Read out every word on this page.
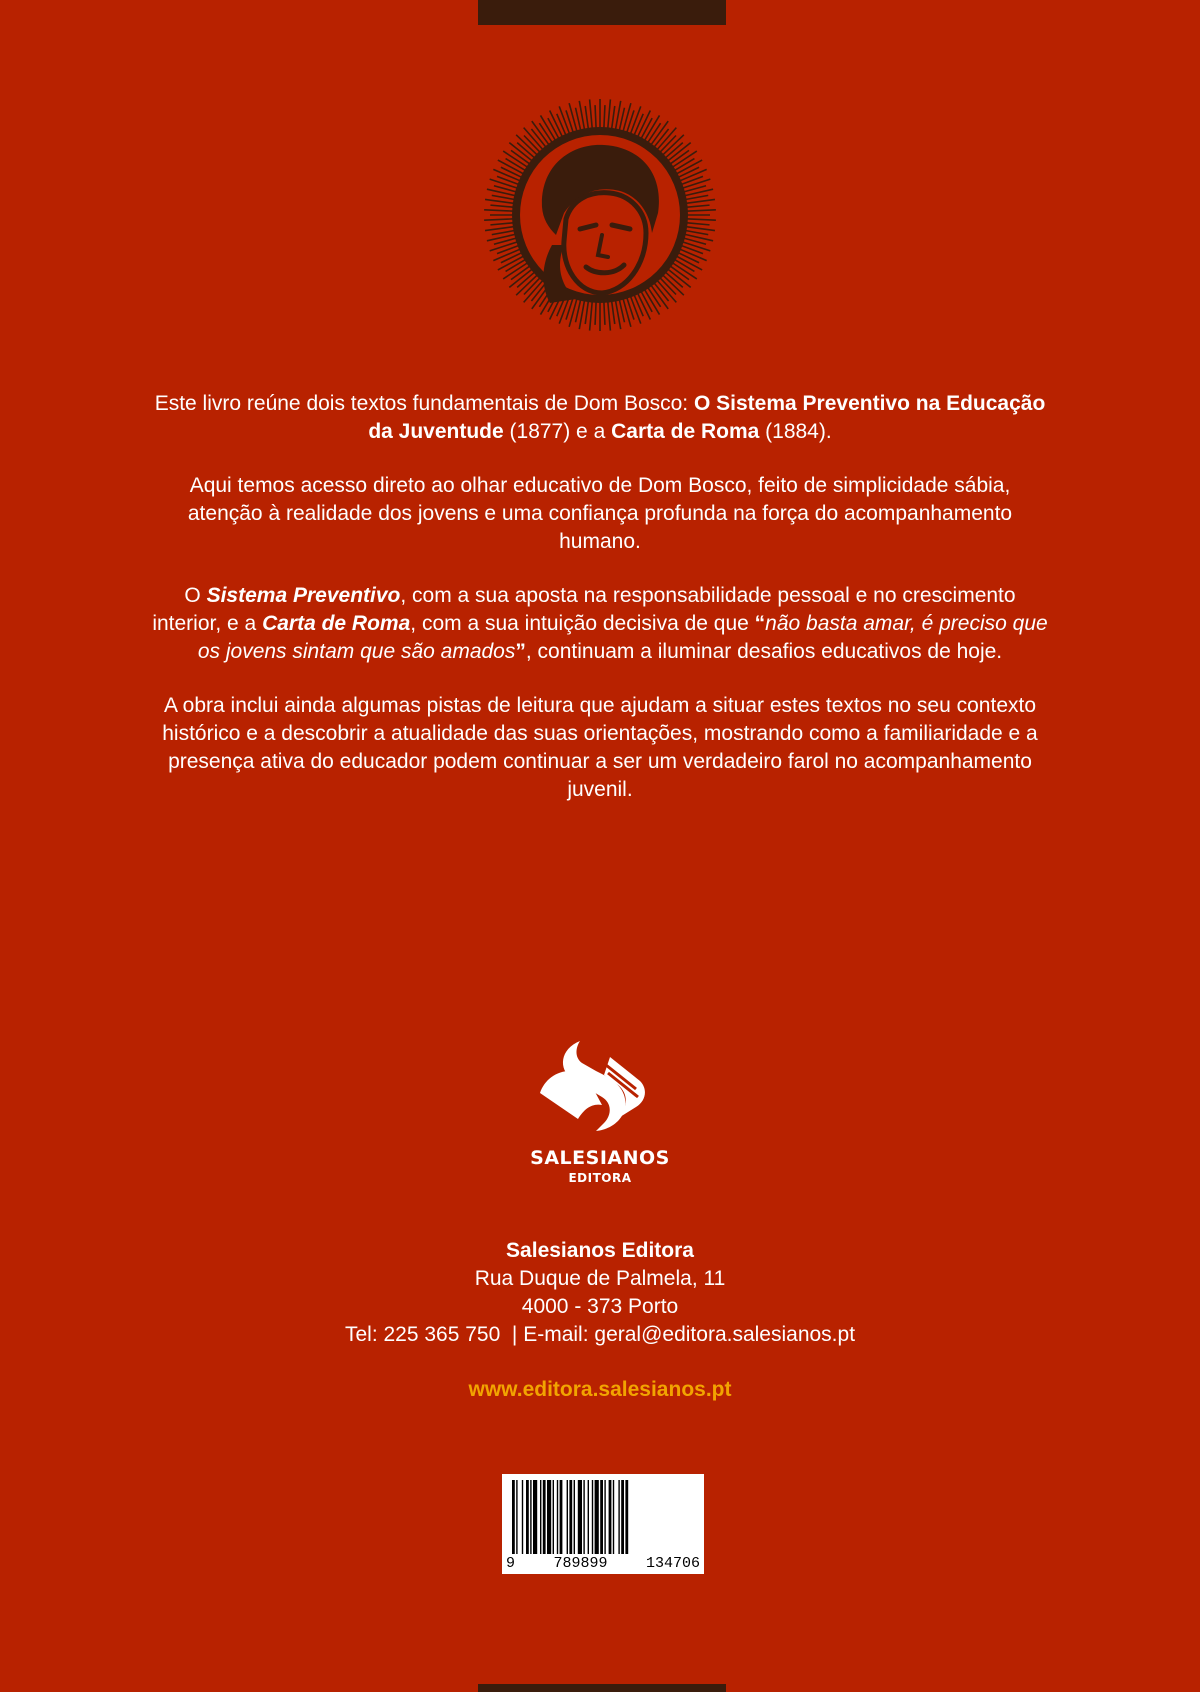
Este livro reúne dois textos fundamentais de Dom Bosco: O Sistema Preventivo na Educação da Juventude (1877) e a Carta de Roma (1884).

Aqui temos acesso direto ao olhar educativo de Dom Bosco, feito de simplicidade sábia, atenção à realidade dos jovens e uma confiança profunda na força do acompanhamento humano.

O Sistema Preventivo, com a sua aposta na responsabilidade pessoal e no crescimento interior, e a Carta de Roma, com a sua intuição decisiva de que “não basta amar, é preciso que os jovens sintam que são amados”, continuam a iluminar desafios educativos de hoje.

A obra inclui ainda algumas pistas de leitura que ajudam a situar estes textos no seu contexto histórico e a descobrir a atualidade das suas orientações, mostrando como a familiaridade e a presença ativa do educador podem continuar a ser um verdadeiro farol no acompanhamento juvenil.

SALESIANOS
EDITORA
Salesianos Editora
Rua Duque de Palmela, 11
4000 - 373 Porto
Tel: 225 365 750  | E-mail: geral@editora.salesianos.pt
www.editora.salesianos.pt
9	789899	134706
